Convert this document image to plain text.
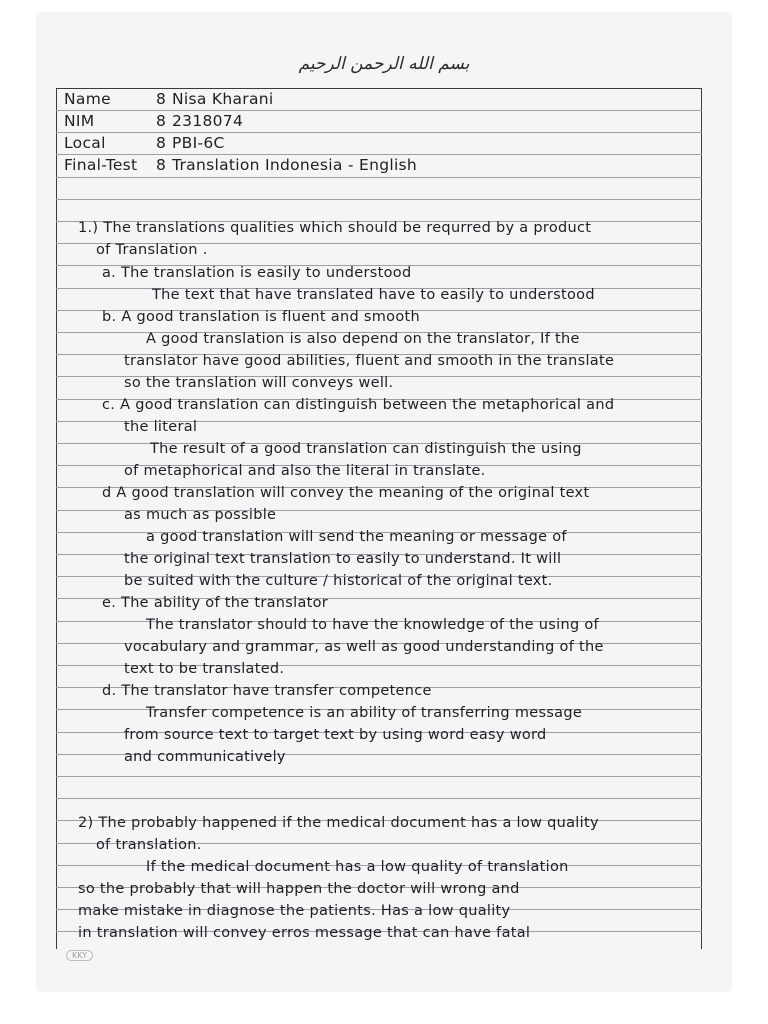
بسم الله الرحمن الرحيم
Name	8 Nisa Kharani
NIM	8 2318074
Local	8 PBI-6C
Final-Test 8 Translation Indonesia - English
1.) The translations qualities which should be requrred by a product
of Translation .
a. The translation is easily to understood
The text that have translated have to easily to understood
b. A good translation is fluent and smooth
A good translation is also depend on the translator, If the
translator have good abilities, fluent and smooth in the translate
so the translation will conveys well.
c. A good translation can distinguish between the metaphorical and
the literal
The result of a good translation can distinguish the using
of metaphorical and also the literal in translate.
d A good translation will convey the meaning of the original text
as much as possible
a good translation will send the meaning or message of
the original text translation to easily to understand. It will
be suited with the culture / historical of the original text.
e. The ability of the translator
The translator should to have the knowledge of the using of
vocabulary and grammar, as well as good understanding of the
text to be translated.
d. The translator have transfer competence
Transfer competence is an ability of transferring message
from source text to target text by using word easy word
and communicatively
2) The probably happened if the medical document has a low quality
of translation.
If the medical document has a low quality of translation
so the probably that will happen the doctor will wrong and
make mistake in diagnose the patients. Has a low quality
in translation will convey erros message that can have fatal
KKY
